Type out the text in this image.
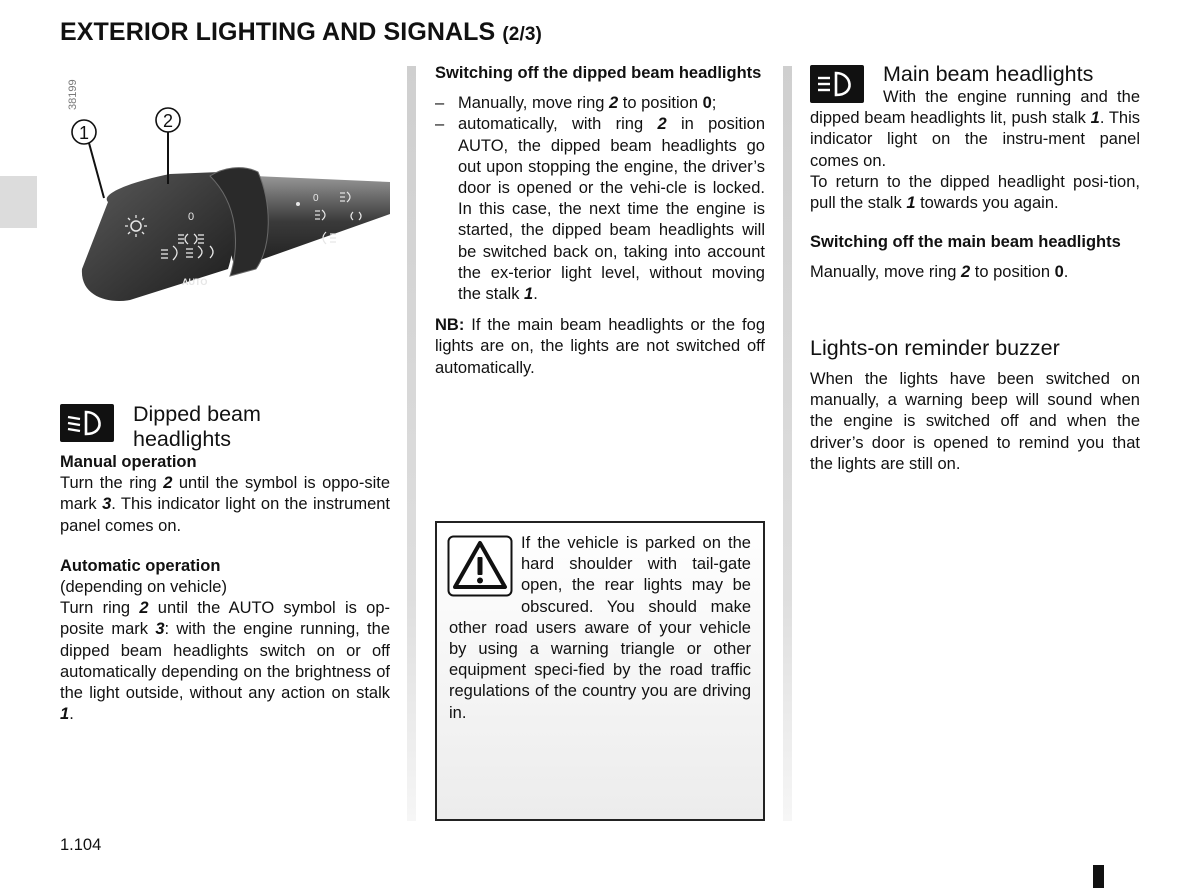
EXTERIOR LIGHTING AND SIGNALS (2/3)
0
AUTO
0
38199
1
2
Dipped beam
headlights
Manual operation
Turn the ring 2 until the symbol is oppo-site mark 3. This indicator light on the instrument panel comes on.
Automatic operation
(depending on vehicle)
Turn ring 2 until the AUTO symbol is op-posite mark 3: with the engine running, the dipped beam headlights switch on or off automatically depending on the brightness of the light outside, without any action on stalk 1.
Switching off the dipped beam headlights
– Manually, move ring 2 to position 0;
– automatically, with ring 2 in position AUTO, the dipped beam headlights go out upon stopping the engine, the driver’s door is opened or the vehi-cle is locked. In this case, the next time the engine is started, the dipped beam headlights will be switched back on, taking into account the ex-terior light level, without moving the stalk 1.
NB: If the main beam headlights or the fog lights are on, the lights are not switched off automatically.
If the vehicle is parked on the hard shoulder with tail-gate open, the rear lights may be obscured. You should make other road users aware of your vehicle by using a warning triangle or other equipment speci-fied by the road traffic regulations of the country you are driving in.
Main beam headlights
With the engine running and the dipped beam headlights lit, push stalk 1. This indicator light on the instru-ment panel comes on.
To return to the dipped headlight posi-tion, pull the stalk 1 towards you again.
Switching off the main beam headlights
Manually, move ring 2 to position 0.
Lights-on reminder buzzer
When the lights have been switched on manually, a warning beep will sound when the engine is switched off and when the driver’s door is opened to remind you that the lights are still on.
1.104
